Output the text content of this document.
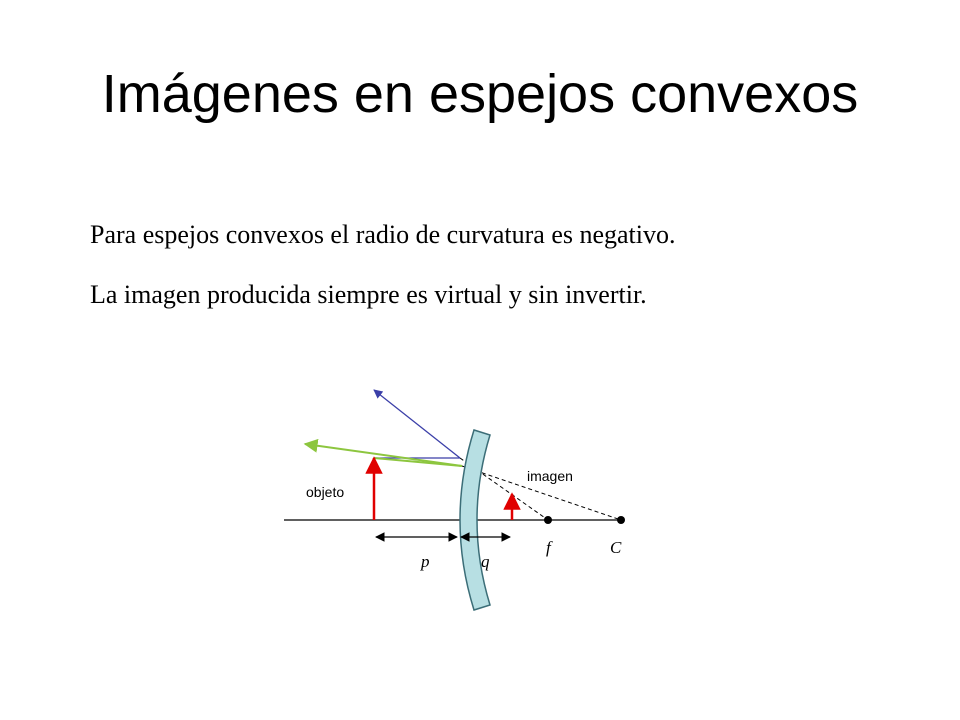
Imágenes en espejos convexos

Para espejos convexos el radio de curvatura es negativo.

La imagen producida siempre es virtual y sin invertir.

objeto
imagen
p	q
f	C
